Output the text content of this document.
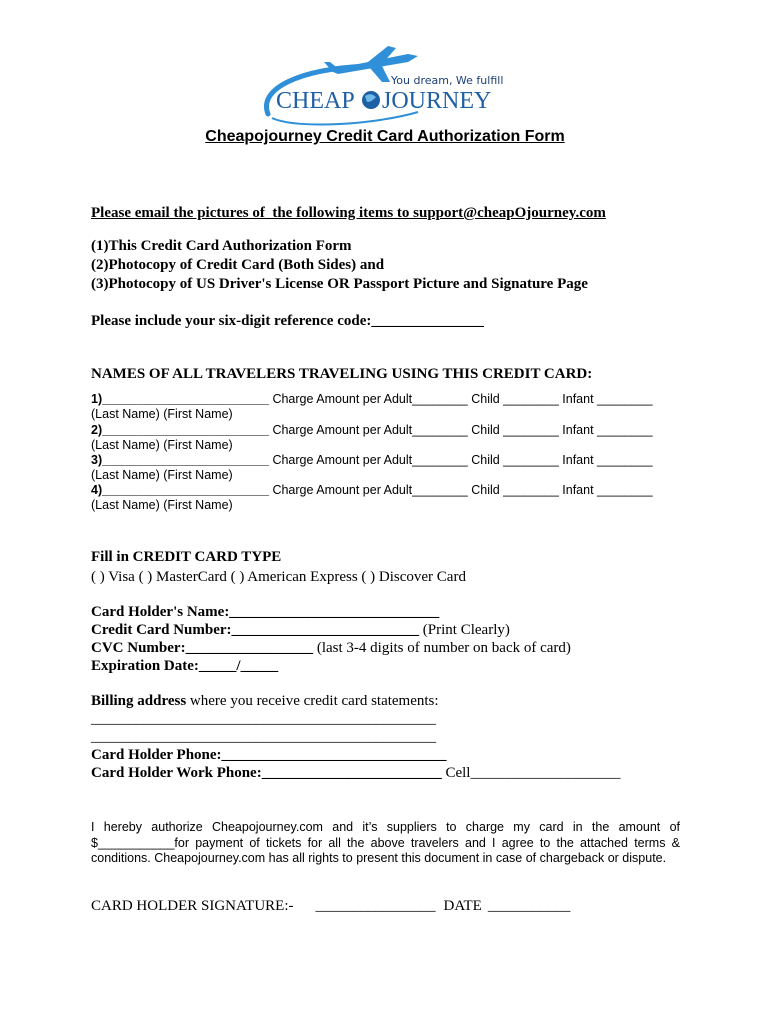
You dream, We fulfill
CHEAP JOURNEY
Cheapojourney Credit Card Authorization Form
Please email the pictures of  the following items to support@cheapOjourney.com
(1)This Credit Card Authorization Form
(2)Photocopy of Credit Card (Both Sides) and
(3)Photocopy of US Driver's License OR Passport Picture and Signature Page
Please include your six-digit reference code:_______________
NAMES OF ALL TRAVELERS TRAVELING USING THIS CREDIT CARD:
1)________________________ Charge Amount per Adult________ Child ________ Infant ________
(Last Name) (First Name)
2)________________________ Charge Amount per Adult________ Child ________ Infant ________
(Last Name) (First Name)
3)________________________ Charge Amount per Adult________ Child ________ Infant ________
(Last Name) (First Name)
4)________________________ Charge Amount per Adult________ Child ________ Infant ________
(Last Name) (First Name)
Fill in CREDIT CARD TYPE
( ) Visa ( ) MasterCard ( ) American Express ( ) Discover Card
Card Holder's Name:____________________________
Credit Card Number:_________________________ (Print Clearly)
CVC Number:_________________ (last 3-4 digits of number on back of card)
Expiration Date:_____/_____
Billing address where you receive credit card statements:
______________________________________________
______________________________________________
Card Holder Phone:______________________________
Card Holder Work Phone:________________________ Cell____________________
I hereby authorize Cheapojourney.com and it’s suppliers to charge my card in the amount of $___________for payment of tickets for all the above travelers and I agree to the attached terms & conditions. Cheapojourney.com has all rights to present this document in case of chargeback or dispute.
CARD HOLDER SIGNATURE:- ________________ DATE ___________
